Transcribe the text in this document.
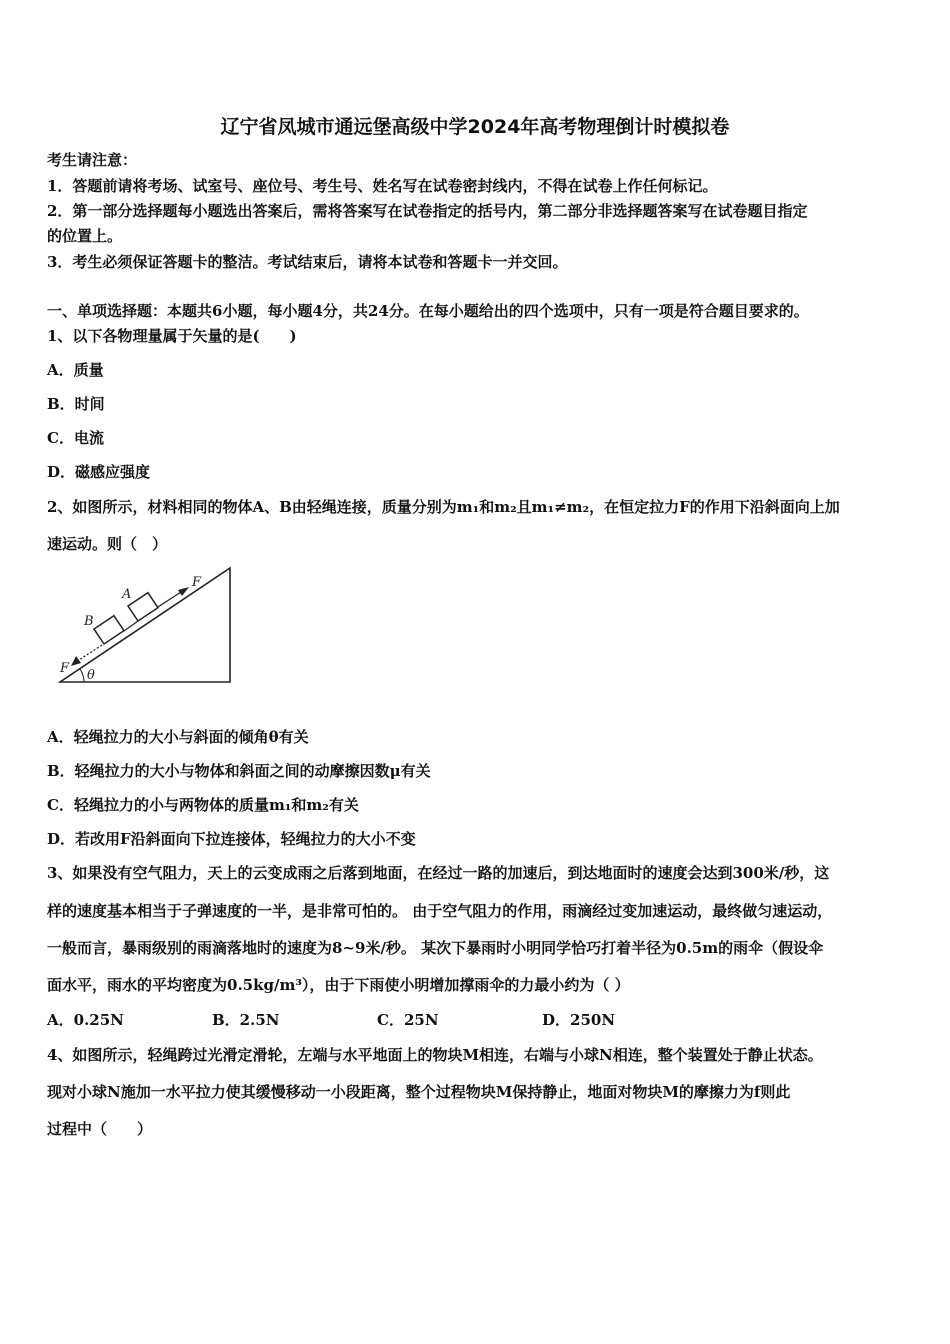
辽宁省凤城市通远堡高级中学2024年高考物理倒计时模拟卷
考生请注意：
1．答题前请将考场、试室号、座位号、考生号、姓名写在试卷密封线内，不得在试卷上作任何标记。
2．第一部分选择题每小题选出答案后，需将答案写在试卷指定的括号内，第二部分非选择题答案写在试卷题目指定
的位置上。
3．考生必须保证答题卡的整洁。考试结束后，请将本试卷和答题卡一并交回。
一、单项选择题：本题共6小题，每小题4分，共24分。在每小题给出的四个选项中，只有一项是符合题目要求的。
1、以下各物理量属于矢量的是(　　)
A．质量
B．时间
C．电流
D．磁感应强度
2、如图所示，材料相同的物体A、B由轻绳连接，质量分别为m₁和m₂且m₁≠m₂，在恒定拉力F的作用下沿斜面向上加
速运动。则（　）
F
A
B
F θ
A．轻绳拉力的大小与斜面的倾角θ有关
B．轻绳拉力的大小与物体和斜面之间的动摩擦因数μ有关
C．轻绳拉力的小与两物体的质量m₁和m₂有关
D．若改用F沿斜面向下拉连接体，轻绳拉力的大小不变
3、如果没有空气阻力，天上的云变成雨之后落到地面，在经过一路的加速后，到达地面时的速度会达到300米/秒，这
样的速度基本相当于子弹速度的一半，是非常可怕的。 由于空气阻力的作用，雨滴经过变加速运动，最终做匀速运动，
一般而言，暴雨级别的雨滴落地时的速度为8~9米/秒。 某次下暴雨时小明同学恰巧打着半径为0.5m的雨伞（假设伞
面水平，雨水的平均密度为0.5kg/m³），由于下雨使小明增加撑雨伞的力最小约为（ ）
A．0.25N	B．2.5N	C．25N	D．250N
4、如图所示，轻绳跨过光滑定滑轮，左端与水平地面上的物块M相连，右端与小球N相连，整个装置处于静止状态。
现对小球N施加一水平拉力使其缓慢移动一小段距离，整个过程物块M保持静止，地面对物块M的摩擦力为f则此
过程中（　　）
